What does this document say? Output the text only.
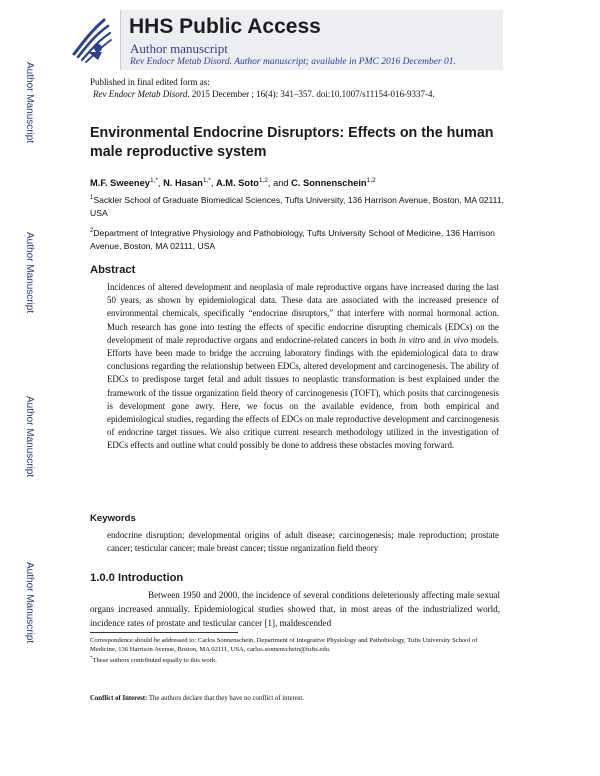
HHS Public Access
Author manuscript
Rev Endocr Metab Disord. Author manuscript; available in PMC 2016 December 01.
Author Manuscript
Author Manuscript
Author Manuscript
Author Manuscript
Published in final edited form as:
Rev Endocr Metab Disord. 2015 December ; 16(4): 341–357. doi:10.1007/s11154-016-9337-4.
Environmental Endocrine Disruptors: Effects on the human male reproductive system
M.F. Sweeney$^{1,*}$, N. Hasan$^{1,*}$, A.M. Soto$^{1,2}$, and C. Sonnenschein$^{1,2}$
$^1$Sackler School of Graduate Biomedical Sciences, Tufts University, 136 Harrison Avenue, Boston, MA 02111, USA
$^2$Department of Integrative Physiology and Pathobiology, Tufts University School of Medicine, 136 Harrison Avenue, Boston, MA 02111, USA
Abstract
Incidences of altered development and neoplasia of male reproductive organs have increased during the last 50 years, as shown by epidemiological data. These data are associated with the increased presence of environmental chemicals, specifically “endocrine disruptors,” that interfere with normal hormonal action. Much research has gone into testing the effects of specific endocrine disrupting chemicals (EDCs) on the development of male reproductive organs and endocrine-related cancers in both in vitro and in vivo models. Efforts have been made to bridge the accruing laboratory findings with the epidemiological data to draw conclusions regarding the relationship between EDCs, altered development and carcinogenesis. The ability of EDCs to predispose target fetal and adult tissues to neoplastic transformation is best explained under the framework of the tissue organization field theory of carcinogenesis (TOFT), which posits that carcinogenesis is development gone awry. Here, we focus on the available evidence, from both empirical and epidemiological studies, regarding the effects of EDCs on male reproductive development and carcinogenesis of endocrine target tissues. We also critique current research methodology utilized in the investigation of EDCs effects and outline what could possibly be done to address these obstacles moving forward.
Keywords
endocrine disruption; developmental origins of adult disease; carcinogenesis; male reproduction; prostate cancer; testicular cancer; male breast cancer; tissue organization field theory
1.0.0 Introduction
Between 1950 and 2000, the incidence of several conditions deleteriously affecting male sexual organs increased annually. Epidemiological studies showed that, in most areas of the industrialized world, incidence rates of prostate and testicular cancer [1], maldescended
Correspondence should be addressed to: Carlos Sonnenschein, Department of Integrative Physiology and Pathobiology, Tufts University School of Medicine, 136 Harrison Avenue, Boston, MA 02111, USA, carlos.sonnenschein@tufts.edu.
*These authors contributed equally to this work.
Conflict of Interest: The authors declare that they have no conflict of interest.
